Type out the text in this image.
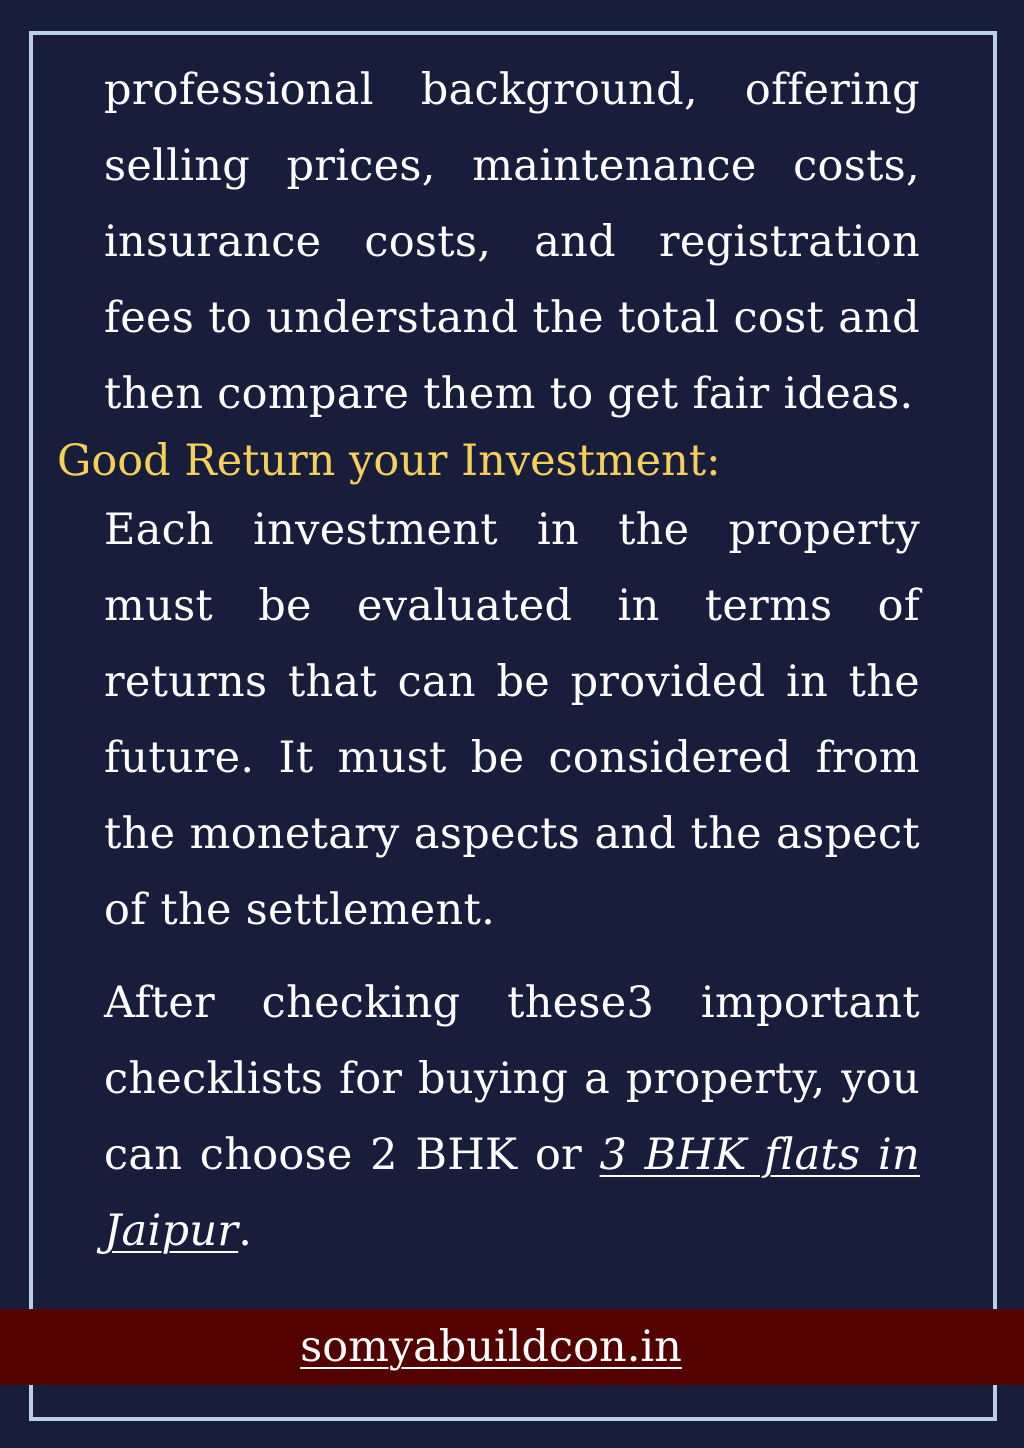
professional background, offering selling prices, maintenance costs, insurance costs, and registration fees to understand the total cost and then compare them to get fair ideas.

Good Return your Investment:

Each investment in the property must be evaluated in terms of returns that can be provided in the future. It must be considered from the monetary aspects and the aspect of the settlement.

After checking these3 important checklists for buying a property, you can choose 2 BHK or 3 BHK flats in Jaipur.

somyabuildcon.in
